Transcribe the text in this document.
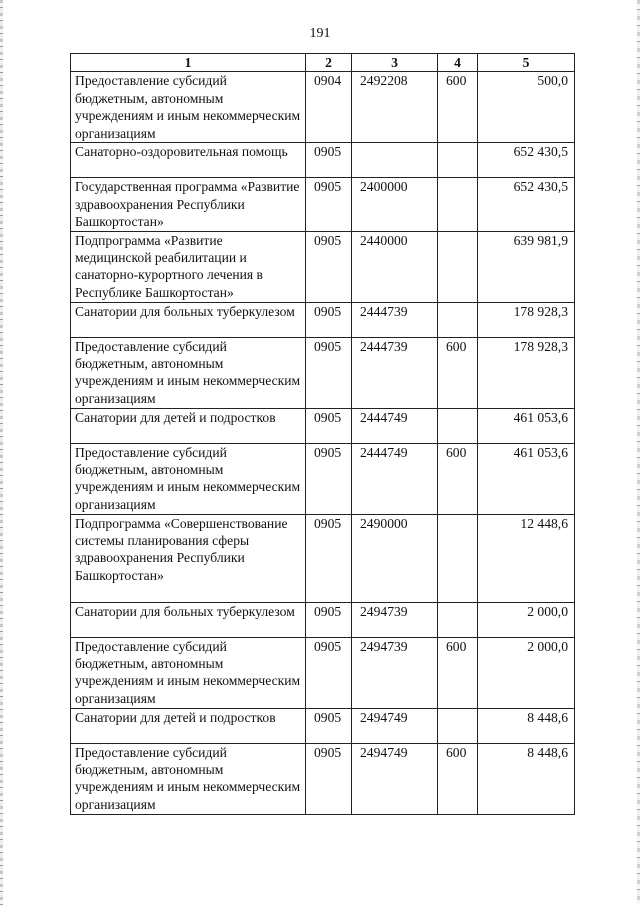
191
1	2	3	4	5
Предоставление субсидий бюджетным, автономным учреждениям и иным некоммерческим организациям	0904	2492208	600	500,0
Санаторно-оздоровительная помощь	0905			652 430,5
Государственная программа «Развитие здравоохранения Республики Башкортостан»	0905	2400000		652 430,5
Подпрограмма «Развитие медицинской реабилитации и санаторно-курортного лечения в Республике Башкортостан»	0905	2440000		639 981,9
Санатории для больных туберкулезом	0905	2444739		178 928,3
Предоставление субсидий бюджетным, автономным учреждениям и иным некоммерческим организациям	0905	2444739	600	178 928,3
Санатории для детей и подростков	0905	2444749		461 053,6
Предоставление субсидий бюджетным, автономным учреждениям и иным некоммерческим организациям	0905	2444749	600	461 053,6
Подпрограмма «Совершенствование системы планирования сферы здравоохранения Республики Башкортостан»	0905	2490000		12 448,6
Санатории для больных туберкулезом	0905	2494739		2 000,0
Предоставление субсидий бюджетным, автономным учреждениям и иным некоммерческим организациям	0905	2494739	600	2 000,0
Санатории для детей и подростков	0905	2494749		8 448,6
Предоставление субсидий бюджетным, автономным учреждениям и иным некоммерческим организациям	0905	2494749	600	8 448,6
